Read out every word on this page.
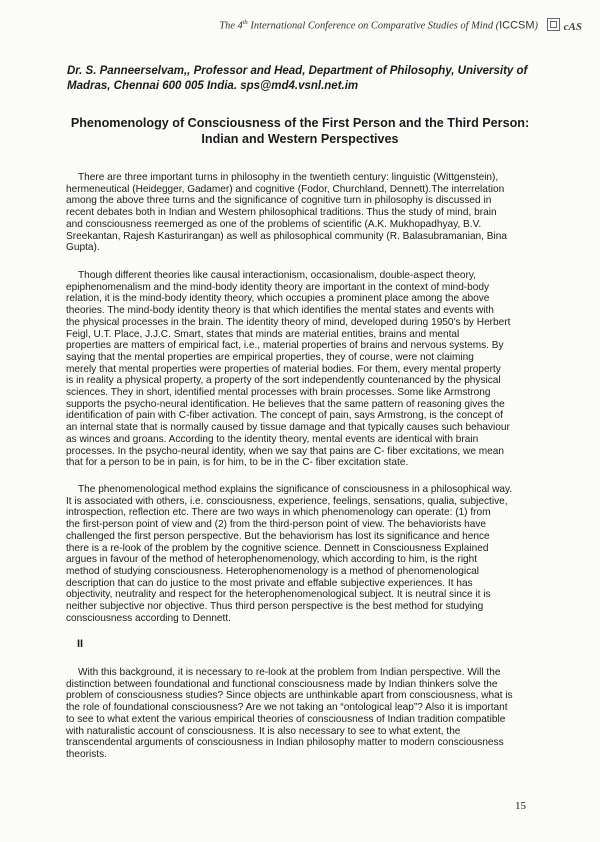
The 4th International Conference on Comparative Studies of Mind (ICCSM)	cAS
Dr. S. Panneerselvam,, Professor and Head, Department of Philosophy, University of Madras, Chennai 600 005 India. sps@md4.vsnl.net.im
Phenomenology of Consciousness of the First Person and the Third Person:
Indian and Western Perspectives
There are three important turns in philosophy in the twentieth century: linguistic (Wittgenstein),
hermeneutical (Heidegger, Gadamer) and cognitive (Fodor, Churchland, Dennett).The interrelation
among the above three turns and the significance of cognitive turn in philosophy is discussed in
recent debates both in Indian and Western philosophical traditions. Thus the study of mind, brain
and consciousness reemerged as one of the problems of scientific (A.K. Mukhopadhyay, B.V.
Sreekantan, Rajesh Kasturirangan) as well as philosophical community (R. Balasubramanian, Bina
Gupta).
Though different theories like causal interactionism, occasionalism, double-aspect theory,
epiphenomenalism and the mind-body identity theory are important in the context of mind-body
relation, it is the mind-body identity theory, which occupies a prominent place among the above
theories. The mind-body identity theory is that which identifies the mental states and events with
the physical processes in the brain. The identity theory of mind, developed during 1950's by Herbert
Feigl, U.T. Place, J.J.C. Smart, states that minds are material entities, brains and mental
properties are matters of empirical fact, i.e., material properties of brains and nervous systems. By
saying that the mental properties are empirical properties, they of course, were not claiming
merely that mental properties were properties of material bodies. For them, every mental property
is in reality a physical property, a property of the sort independently countenanced by the physical
sciences. They in short, identified mental processes with brain processes. Some like Armstrong
supports the psycho-neural identification. He believes that the same pattern of reasoning gives the
identification of pain with C-fiber activation. The concept of pain, says Armstrong, is the concept of
an internal state that is normally caused by tissue damage and that typically causes such behaviour
as winces and groans. According to the identity theory, mental events are identical with brain
processes. In the psycho-neural identity, when we say that pains are C- fiber excitations, we mean
that for a person to be in pain, is for him, to be in the C- fiber excitation state.
The phenomenological method explains the significance of consciousness in a philosophical way.
It is associated with others, i.e. consciousness, experience, feelings, sensations, qualia, subjective,
introspection, reflection etc. There are two ways in which phenomenology can operate: (1) from
the first-person point of view and (2) from the third-person point of view. The behaviorists have
challenged the first person perspective. But the behaviorism has lost its significance and hence
there is a re-look of the problem by the cognitive science. Dennett in Consciousness Explained
argues in favour of the method of heterophenomenology, which according to him, is the right
method of studying consciousness. Heterophenomenology is a method of phenomenological
description that can do justice to the most private and effable subjective experiences. It has
objectivity, neutrality and respect for the heterophenomenological subject. It is neutral since it is
neither subjective nor objective. Thus third person perspective is the best method for studying
consciousness according to Dennett.
II
With this background, it is necessary to re-look at the problem from Indian perspective. Will the
distinction between foundational and functional consciousness made by Indian thinkers solve the
problem of consciousness studies? Since objects are unthinkable apart from consciousness, what is
the role of foundational consciousness? Are we not taking an “ontological leap”? Also it is important
to see to what extent the various empirical theories of consciousness of Indian tradition compatible
with naturalistic account of consciousness. It is also necessary to see to what extent, the
transcendental arguments of consciousness in Indian philosophy matter to modern consciousness
theorists.
15
